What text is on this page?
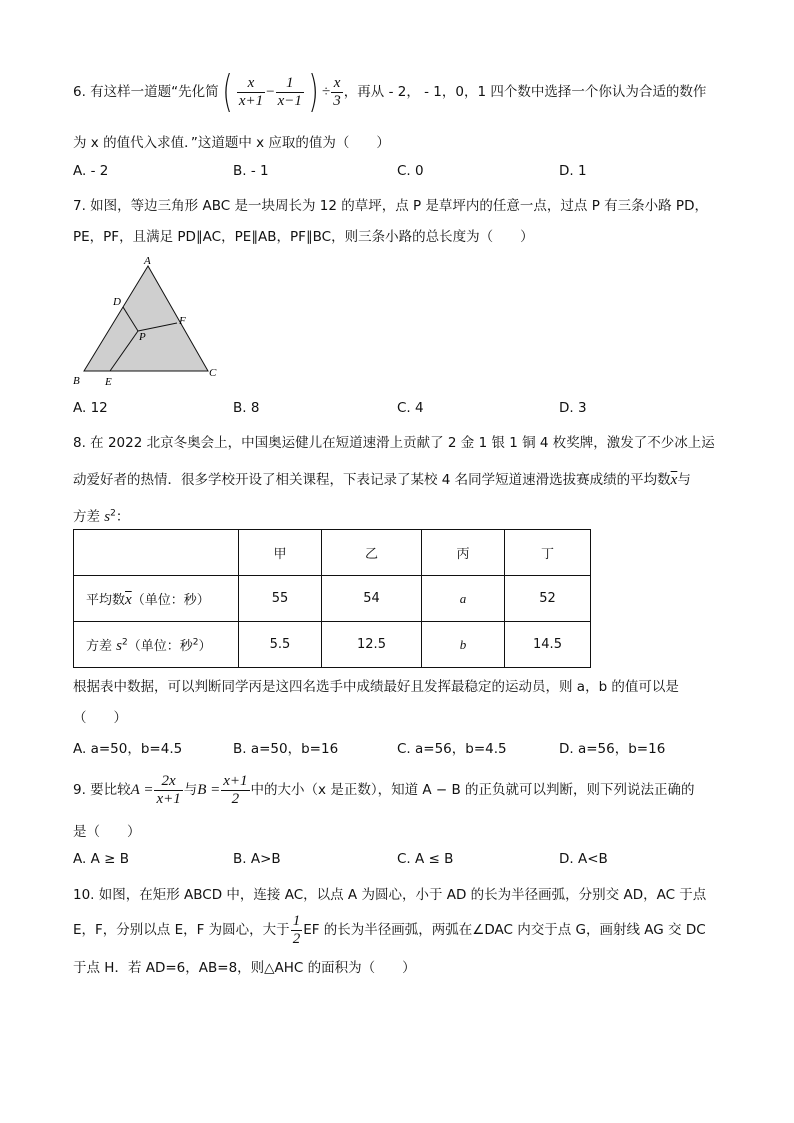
6. 有这样一道题“先化简( $\frac{x}{x+1} - \frac{1}{x-1}$ ) ÷ $\frac{x}{3}$ ，再从 - 2， - 1，0，1 四个数中选择一个你认为合适的数作
为 x 的值代入求值．”这道题中 x 应取的值为（　　）
A. - 2	B. - 1	C. 0	D. 1
7. 如图，等边三角形 ABC 是一块周长为 12 的草坪，点 P 是草坪内的任意一点，过点 P 有三条小路 PD，
PE，PF，且满足 PD∥AC，PE∥AB，PF∥BC，则三条小路的总长度为（　　）
A
B
C
D
E
F
P
A. 12	B. 8	C. 4	D. 3
8. 在 2022 北京冬奥会上，中国奥运健儿在短道速滑上贡献了 2 金 1 银 1 铜 4 枚奖牌，激发了不少冰上运
动爱好者的热情．很多学校开设了相关课程，下表记录了某校 4 名同学短道速滑选拔赛成绩的平均数$\overline{x}$与
方差 $s^2$：
	甲	乙	丙	丁
平均数$\overline{x}$（单位：秒）	55	54	a	52
方差 $s^2$（单位：秒$^2$）	5.5	12.5	b	14.5
根据表中数据，可以判断同学丙是这四名选手中成绩最好且发挥最稳定的运动员，则 a，b 的值可以是
（　　）
A. a=50，b=4.5	B. a=50，b=16	C. a=56，b=4.5	D. a=56，b=16
9. 要比较$A = \frac{2x}{x+1}$ 与$B = \frac{x+1}{2}$ 中的大小（x 是正数），知道 A − B 的正负就可以判断，则下列说法正确的
是（　　）
A. A ≥ B	B. A>B	C. A ≤ B	D. A<B
10. 如图，在矩形 ABCD 中，连接 AC，以点 A 为圆心，小于 AD 的长为半径画弧，分别交 AD，AC 于点
E，F，分别以点 E，F 为圆心，大于 $\frac{1}{2}$ EF 的长为半径画弧，两弧在∠DAC 内交于点 G，画射线 AG 交 DC
于点 H．若 AD=6，AB=8，则△AHC 的面积为（　　）
